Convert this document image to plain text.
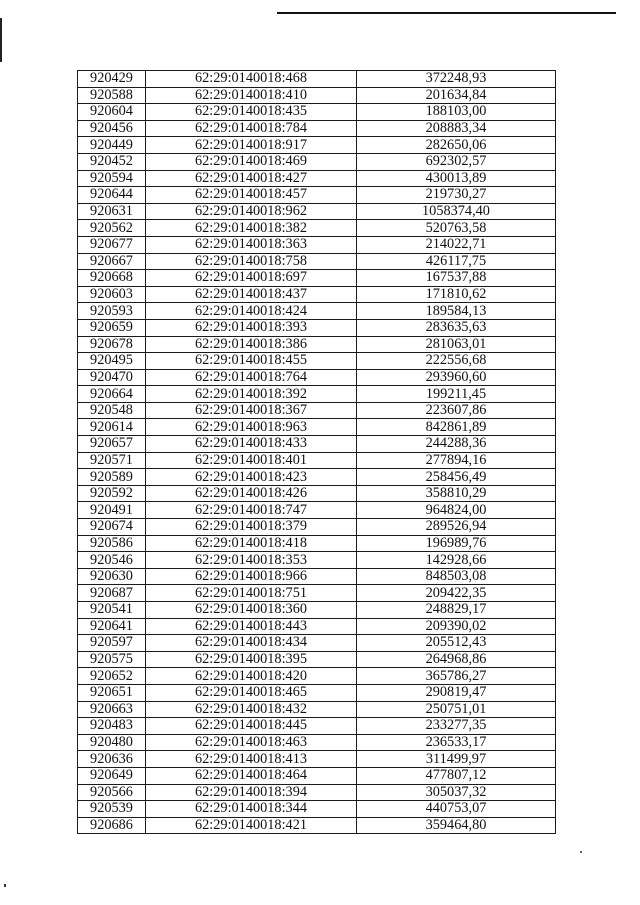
920429	62:29:0140018:468	372248,93
920588	62:29:0140018:410	201634,84
920604	62:29:0140018:435	188103,00
920456	62:29:0140018:784	208883,34
920449	62:29:0140018:917	282650,06
920452	62:29:0140018:469	692302,57
920594	62:29:0140018:427	430013,89
920644	62:29:0140018:457	219730,27
920631	62:29:0140018:962	1058374,40
920562	62:29:0140018:382	520763,58
920677	62:29:0140018:363	214022,71
920667	62:29:0140018:758	426117,75
920668	62:29:0140018:697	167537,88
920603	62:29:0140018:437	171810,62
920593	62:29:0140018:424	189584,13
920659	62:29:0140018:393	283635,63
920678	62:29:0140018:386	281063,01
920495	62:29:0140018:455	222556,68
920470	62:29:0140018:764	293960,60
920664	62:29:0140018:392	199211,45
920548	62:29:0140018:367	223607,86
920614	62:29:0140018:963	842861,89
920657	62:29:0140018:433	244288,36
920571	62:29:0140018:401	277894,16
920589	62:29:0140018:423	258456,49
920592	62:29:0140018:426	358810,29
920491	62:29:0140018:747	964824,00
920674	62:29:0140018:379	289526,94
920586	62:29:0140018:418	196989,76
920546	62:29:0140018:353	142928,66
920630	62:29:0140018:966	848503,08
920687	62:29:0140018:751	209422,35
920541	62:29:0140018:360	248829,17
920641	62:29:0140018:443	209390,02
920597	62:29:0140018:434	205512,43
920575	62:29:0140018:395	264968,86
920652	62:29:0140018:420	365786,27
920651	62:29:0140018:465	290819,47
920663	62:29:0140018:432	250751,01
920483	62:29:0140018:445	233277,35
920480	62:29:0140018:463	236533,17
920636	62:29:0140018:413	311499,97
920649	62:29:0140018:464	477807,12
920566	62:29:0140018:394	305037,32
920539	62:29:0140018:344	440753,07
920686	62:29:0140018:421	359464,80
